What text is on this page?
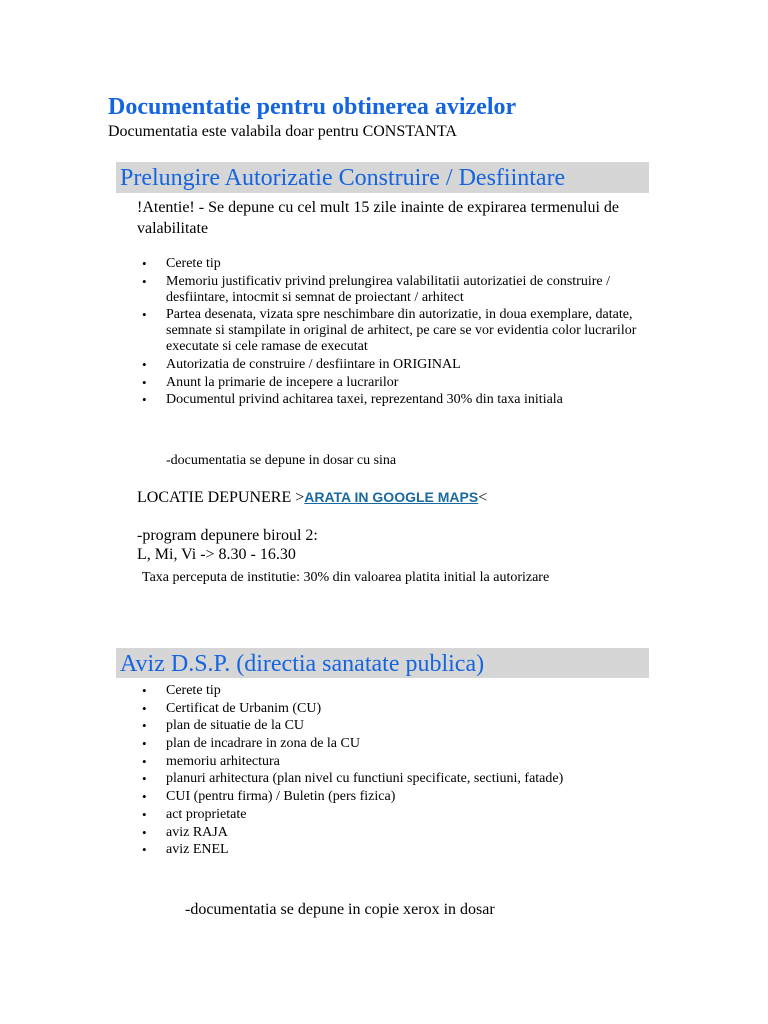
Documentatie pentru obtinerea avizelor
Documentatia este valabila doar pentru CONSTANTA
Prelungire Autorizatie Construire / Desfiintare
!Atentie! - Se depune cu cel mult 15 zile inainte de expirarea termenului de valabilitate
• Cerete tip
• Memoriu justificativ privind prelungirea valabilitatii autorizatiei de construire / desfiintare, intocmit si semnat de proiectant / arhitect
• Partea desenata, vizata spre neschimbare din autorizatie, in doua exemplare, datate, semnate si stampilate in original de arhitect, pe care se vor evidentia color lucrarilor executate si cele ramase de executat
• Autorizatia de construire / desfiintare in ORIGINAL
• Anunt la primarie de incepere a lucrarilor
• Documentul privind achitarea taxei, reprezentand 30% din taxa initiala
-documentatia se depune in dosar cu sina
LOCATIE DEPUNERE >ARATA IN GOOGLE MAPS<
-program depunere biroul 2:
L, Mi, Vi -> 8.30 - 16.30
Taxa perceputa de institutie: 30% din valoarea platita initial la autorizare
Aviz D.S.P. (directia sanatate publica)
• Cerete tip
• Certificat de Urbanim (CU)
• plan de situatie de la CU
• plan de incadrare in zona de la CU
• memoriu arhitectura
• planuri arhitectura (plan nivel cu functiuni specificate, sectiuni, fatade)
• CUI (pentru firma) / Buletin (pers fizica)
• act proprietate
• aviz RAJA
• aviz ENEL
-documentatia se depune in copie xerox in dosar
